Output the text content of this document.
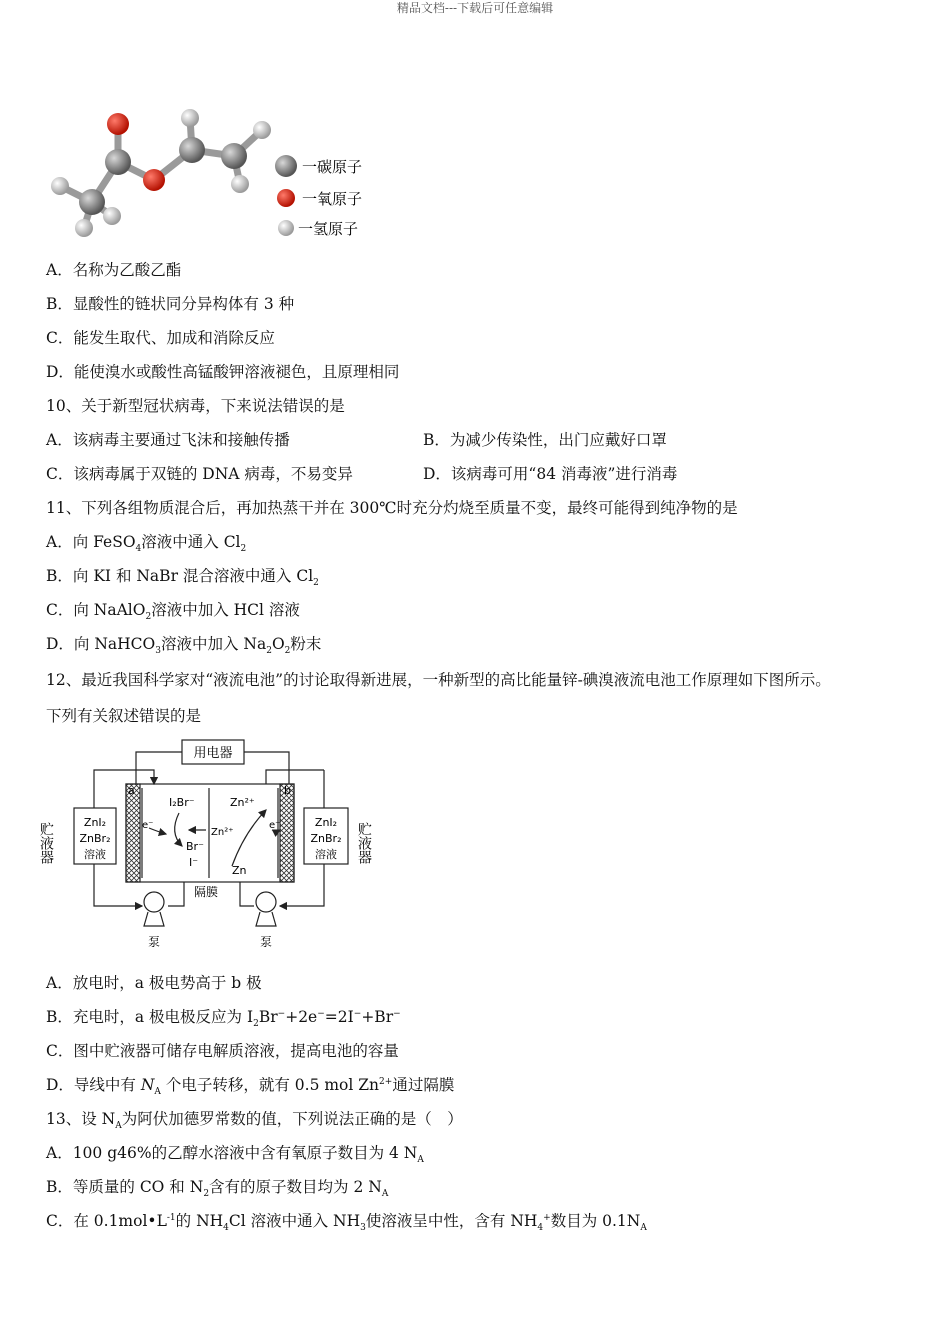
精品文档---下载后可任意编辑
一碳原子
一氧原子
一氢原子
A．名称为乙酸乙酯
B．显酸性的链状同分异构体有 3 种
C．能发生取代、加成和消除反应
D．能使溴水或酸性高锰酸钾溶液褪色，且原理相同
10、关于新型冠状病毒，下来说法错误的是
A．该病毒主要通过飞沫和接触传播	B．为减少传染性，出门应戴好口罩
C．该病毒属于双链的 DNA 病毒，不易变异	D．该病毒可用“84 消毒液”进行消毒
11、下列各组物质混合后，再加热蒸干并在 300℃时充分灼烧至质量不变，最终可能得到纯净物的是
A．向 FeSO$_4$溶液中通入 $Cl_2$
B．向 KI 和 NaBr 混合溶液中通入 $Cl_2$
C．向 NaAlO$_2$溶液中加入 HCl 溶液
D．向 NaHCO$_3$溶液中加入 $Na_2O_2$粉末
12、最近我国科学家对“液流电池”的讨论取得新进展，一种新型的高比能量锌-碘溴液流电池工作原理如下图所示。
下列有关叙述错误的是
用电器
a	b
e⁻	e⁻
I₂Br⁻
Br⁻
I⁻
Zn²⁺
Zn²⁺
Zn
隔膜
ZnI₂
ZnBr₂
溶液
ZnI₂
ZnBr₂
溶液
贮液器	贮液器
泵	泵
A．放电时，a 极电势高于 b 极
B．充电时，a 极电极反应为 $I_2Br^-+2e^-=2I^-+Br^-$
C．图中贮液器可储存电解质溶液，提高电池的容量
D．导线中有 $N_A$ 个电子转移，就有 0.5 mol $Zn^{2+}$通过隔膜
13、设 $N_A$为阿伏加德罗常数的值，下列说法正确的是（　）
A．100 g46%的乙醇水溶液中含有氧原子数目为 4 $N_A$
B．等质量的 CO 和 $N_2$含有的原子数目均为 2 $N_A$
C．在 $0.1mol•L^{-1}$的 $NH_4Cl$ 溶液中通入 $NH_3$使溶液呈中性，含有 $NH_4^+$数目为 $0.1N_A$
